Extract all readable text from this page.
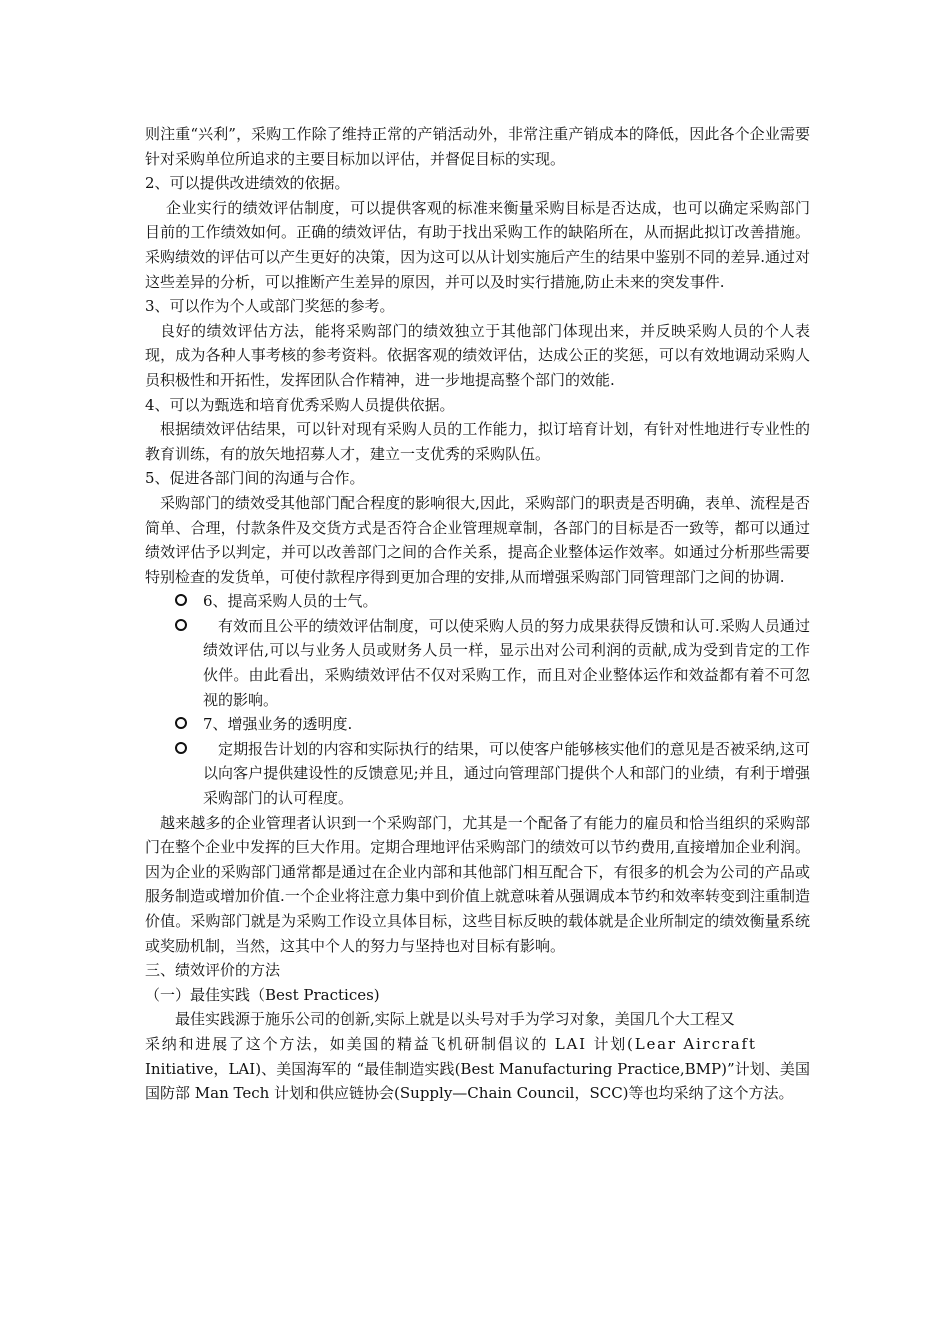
则注重“兴利”，采购工作除了维持正常的产销活动外，非常注重产销成本的降低，因此各个企业需要针对采购单位所追求的主要目标加以评估，并督促目标的实现。

2、可以提供改进绩效的依据。

企业实行的绩效评估制度，可以提供客观的标准来衡量采购目标是否达成，也可以确定采购部门目前的工作绩效如何。正确的绩效评估，有助于找出采购工作的缺陷所在，从而据此拟订改善措施。采购绩效的评估可以产生更好的决策，因为这可以从计划实施后产生的结果中鉴别不同的差异.通过对这些差异的分析，可以推断产生差异的原因，并可以及时实行措施,防止未来的突发事件.

3、可以作为个人或部门奖惩的参考。

良好的绩效评估方法，能将采购部门的绩效独立于其他部门体现出来，并反映采购人员的个人表现，成为各种人事考核的参考资料。依据客观的绩效评估，达成公正的奖惩，可以有效地调动采购人员积极性和开拓性，发挥团队合作精神，进一步地提高整个部门的效能.

4、可以为甄选和培育优秀采购人员提供依据。

根据绩效评估结果，可以针对现有采购人员的工作能力，拟订培育计划，有针对性地进行专业性的教育训练，有的放矢地招募人才，建立一支优秀的采购队伍。

5、促进各部门间的沟通与合作。

采购部门的绩效受其他部门配合程度的影响很大,因此，采购部门的职责是否明确，表单、流程是否简单、合理，付款条件及交货方式是否符合企业管理规章制，各部门的目标是否一致等，都可以通过绩效评估予以判定，并可以改善部门之间的合作关系，提高企业整体运作效率。如通过分析那些需要特别检查的发货单，可使付款程序得到更加合理的安排,从而增强采购部门同管理部门之间的协调.

6、提高采购人员的士气。
　有效而且公平的绩效评估制度，可以使采购人员的努力成果获得反馈和认可.采购人员通过绩效评估,可以与业务人员或财务人员一样，显示出对公司利润的贡献,成为受到肯定的工作伙伴。由此看出，采购绩效评估不仅对采购工作，而且对企业整体运作和效益都有着不可忽视的影响。
7、增强业务的透明度.
　定期报告计划的内容和实际执行的结果，可以使客户能够核实他们的意见是否被采纳,这可以向客户提供建设性的反馈意见;并且，通过向管理部门提供个人和部门的业绩，有利于增强采购部门的认可程度。

越来越多的企业管理者认识到一个采购部门，尤其是一个配备了有能力的雇员和恰当组织的采购部门在整个企业中发挥的巨大作用。定期合理地评估采购部门的绩效可以节约费用,直接增加企业利润。因为企业的采购部门通常都是通过在企业内部和其他部门相互配合下，有很多的机会为公司的产品或服务制造或增加价值.一个企业将注意力集中到价值上就意味着从强调成本节约和效率转变到注重制造价值。采购部门就是为采购工作设立具体目标，这些目标反映的载体就是企业所制定的绩效衡量系统或奖励机制，当然，这其中个人的努力与坚持也对目标有影响。

三、绩效评价的方法

（一）最佳实践（Best Practices)

最佳实践源于施乐公司的创新,实际上就是以头号对手为学习对象，美国几个大工程又

采纳和进展了这个方法，如美国的精益飞机研制倡议的 LAI 计划(Lear Aircraft

Initiative，LAI)、美国海军的 “最佳制造实践(Best Manufacturing Practice,BMP)”计划、美国国防部 Man Tech 计划和供应链协会(Supply—Chain Council，SCC)等也均采纳了这个方法。
